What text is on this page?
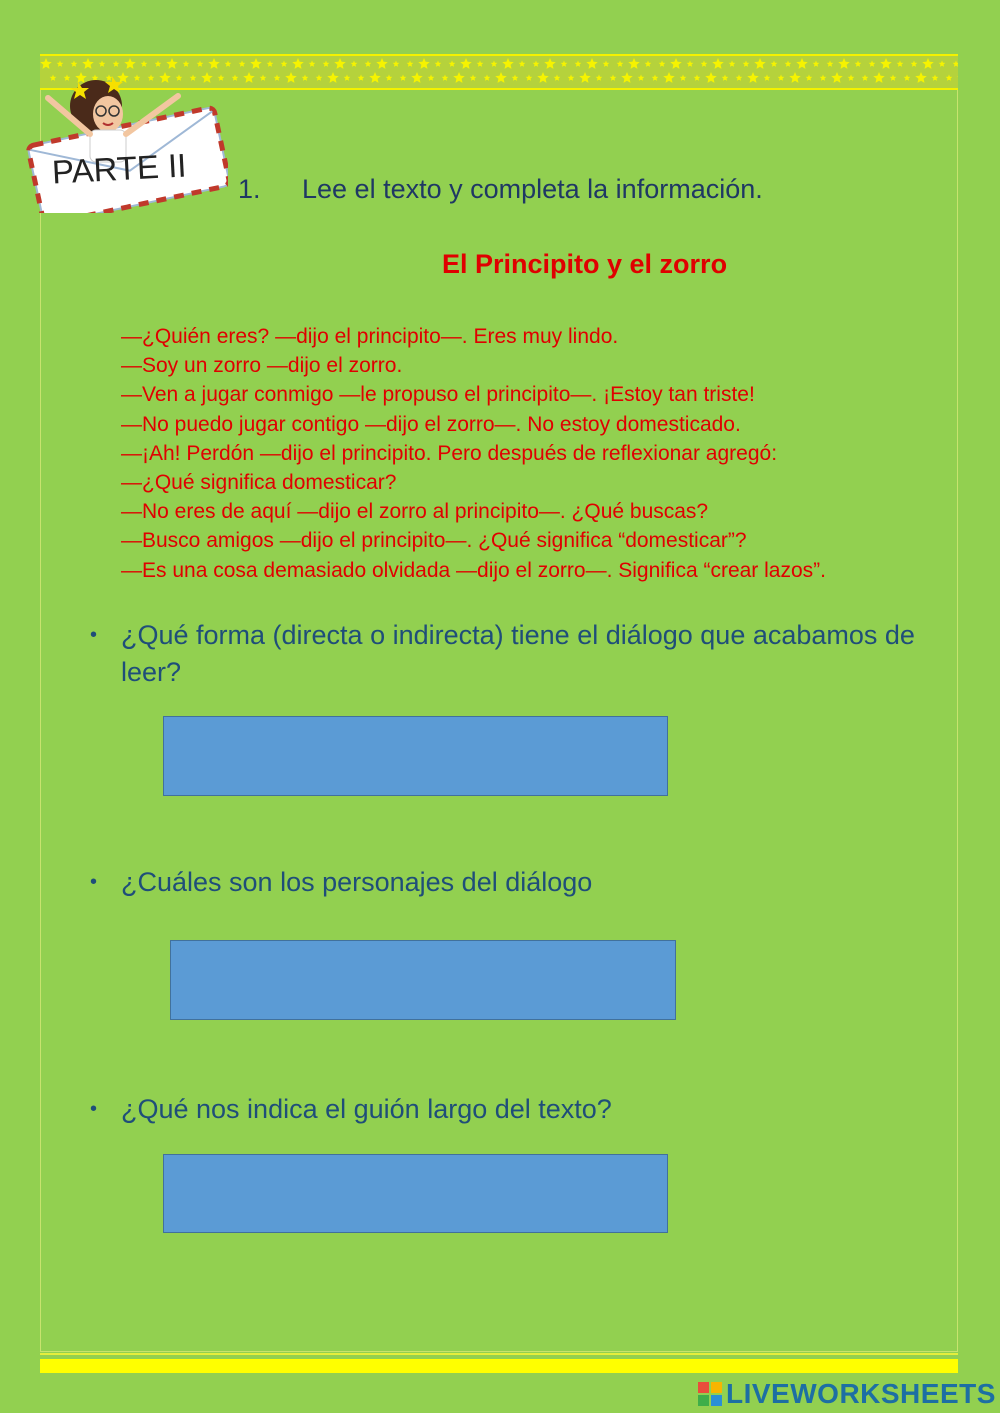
PARTE II 1. Lee el texto y completa la información.
El Principito y el zorro
—¿Quién eres? —dijo el principito—. Eres muy lindo.
—Soy un zorro —dijo el zorro.
—Ven a jugar conmigo —le propuso el principito—. ¡Estoy tan triste!
—No puedo jugar contigo —dijo el zorro—. No estoy domesticado.
—¡Ah! Perdón —dijo el principito. Pero después de reflexionar agregó:
—¿Qué significa domesticar?
—No eres de aquí —dijo el zorro al principito—. ¿Qué buscas?
—Busco amigos —dijo el principito—. ¿Qué significa “domesticar”?
—Es una cosa demasiado olvidada —dijo el zorro—. Significa “crear lazos”.
• ¿Qué forma (directa o indirecta) tiene el diálogo que acabamos de leer?
• ¿Cuáles son los personajes del diálogo
• ¿Qué nos indica el guión largo del texto?
LIVEWORKSHEETS
